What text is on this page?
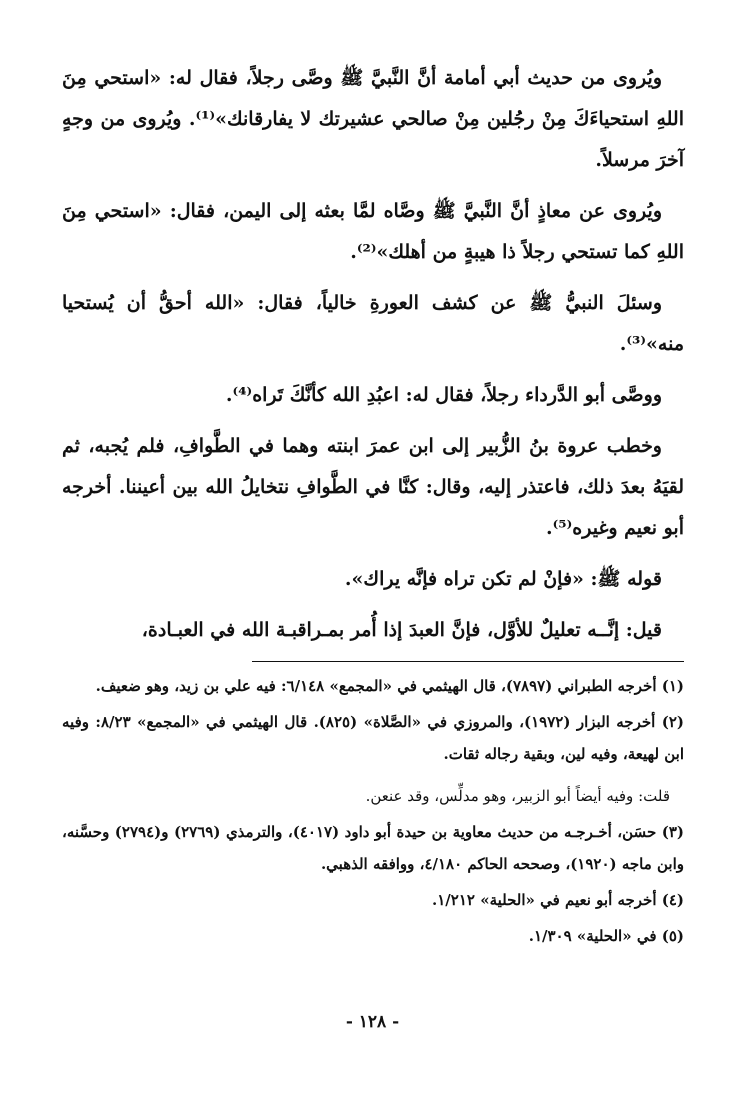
ويُروى من حديث أبي أمامة أنَّ النَّبيَّ ﷺ وصَّى رجلاً، فقال له: «استحي مِنَ اللهِ استحياءَكَ مِنْ رجُلين مِنْ صالحي عشيرتك لا يفارقانك»⁽¹⁾. ويُروى من وجهٍ آخرَ مرسلاً.

ويُروى عن معاذٍ أنَّ النَّبيَّ ﷺ وصَّاه لمَّا بعثه إلى اليمن، فقال: «استحي مِنَ اللهِ كما تستحي رجلاً ذا هيبةٍ من أهلك»⁽²⁾.

وسئلَ النبيُّ ﷺ عن كشف العورةِ خالياً، فقال: «الله أحقُّ أن يُستحيا منه»⁽³⁾.

ووصَّى أبو الدَّرداء رجلاً، فقال له: اعبُدِ الله كأنَّكَ تَراه⁽⁴⁾.

وخطب عروة بنُ الزُّبير إلى ابن عمرَ ابنته وهما في الطَّوافِ، فلم يُجبه، ثم لقيَهُ بعدَ ذلك، فاعتذر إليه، وقال: كنَّا في الطَّوافِ نتخايلُ الله بين أعيننا. أخرجه أبو نعيم وغيره⁽⁵⁾.

قوله ﷺ: «فإنْ لم تكن تراه فإنَّه يراك».

قيل: إنَّــه تعليلٌ للأوَّل، فإنَّ العبدَ إذا أُمر بمـراقبـة الله في العبـادة،

(١) أخرجه الطبراني (٧٨٩٧)، قال الهيثمي في «المجمع» ٦/١٤٨: فيه علي بن زيد، وهو ضعيف.

(٢) أخرجه البزار (١٩٧٢)، والمروزي في «الصَّلاة» (٨٢٥). قال الهيثمي في «المجمع» ٨/٢٣: وفيه ابن لهيعة، وفيه لين، وبقية رجاله ثقات.

قلت: وفيه أيضاً أبو الزبير، وهو مدلِّس، وقد عنعن.

(٣) حسَن، أخـرجـه من حديث معاوية بن حيدة أبو داود (٤٠١٧)، والترمذي (٢٧٦٩) و(٢٧٩٤) وحسَّنه، وابن ماجه (١٩٢٠)، وصححه الحاكم ٤/١٨٠، ووافقه الذهبي.

(٤) أخرجه أبو نعيم في «الحلية» ١/٢١٢.

(٥) في «الحلية» ١/٣٠٩.

- ١٢٨ -
